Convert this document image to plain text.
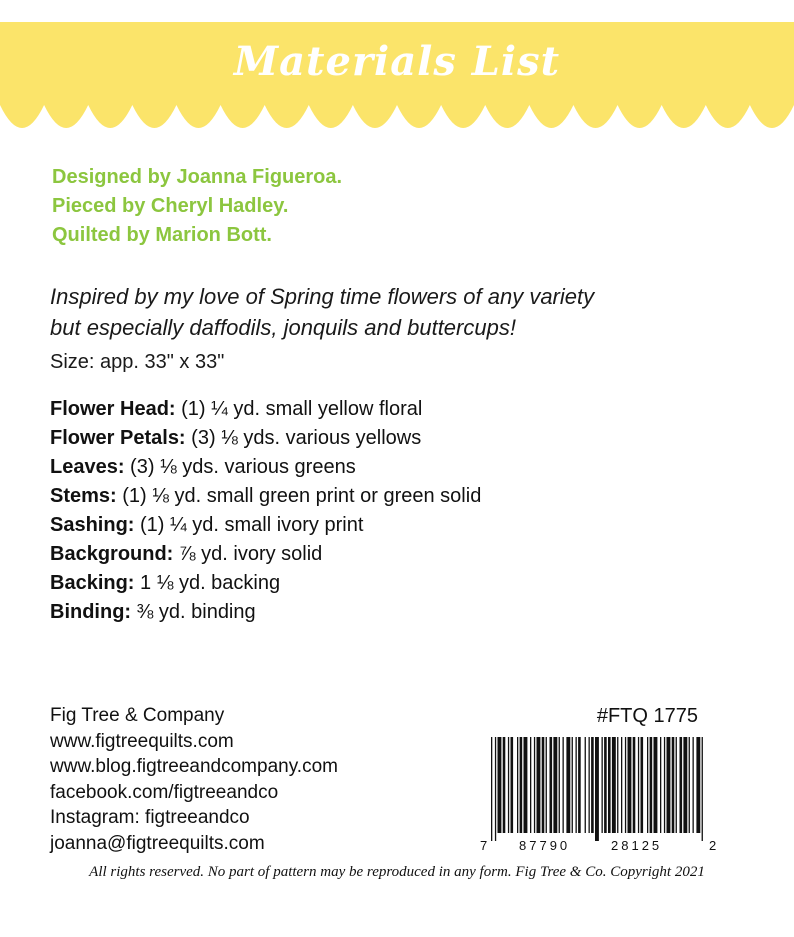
Materials List
Designed by Joanna Figueroa.
Pieced by Cheryl Hadley.
Quilted by Marion Bott.
Inspired by my love of Spring time flowers of any variety
but especially daffodils, jonquils and buttercups!
Size: app. 33" x 33"
Flower Head: (1) ¼ yd. small yellow floral
Flower Petals: (3) ⅛ yds. various yellows
Leaves: (3) ⅛ yds. various greens
Stems: (1) ⅛ yd. small green print or green solid
Sashing: (1) ¼ yd. small ivory print
Background: ⅞ yd. ivory solid
Backing: 1 ⅛ yd. backing
Binding: ⅜ yd. binding
Fig Tree & Company
www.figtreequilts.com
www.blog.figtreeandcompany.com
facebook.com/figtreeandco
Instagram: figtreeandco
joanna@figtreequilts.com
#FTQ 1775
7 87790	28125	2
All rights reserved. No part of pattern may be reproduced in any form. Fig Tree & Co. Copyright 2021
